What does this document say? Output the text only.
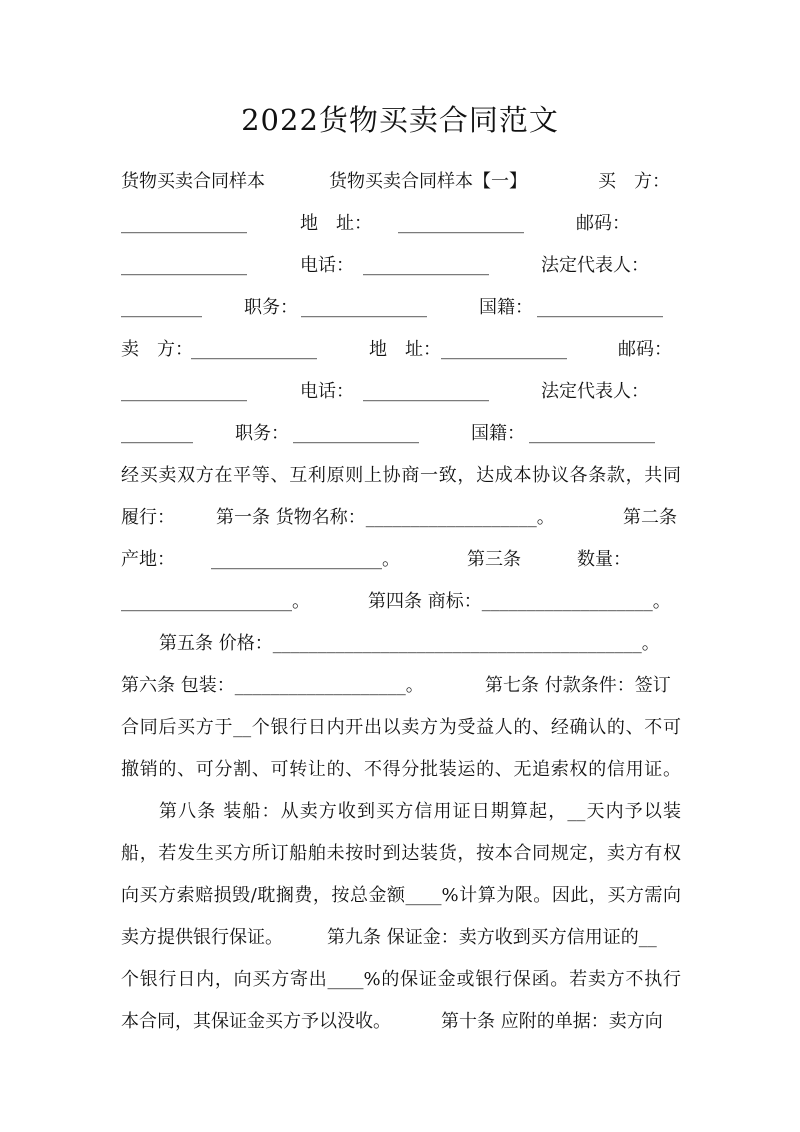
2022货物买卖合同范文
货物买卖合同样本	货物买卖合同样本【一】	买　方：
______________	地　址： ______________	邮码：
______________	电话： ______________	法定代表人：
_________ 职务： ______________	国籍： ______________
卖　方：
______________	地　址： ______________	邮码：
______________	电话： ______________	法定代表人：
________ 职务： ______________	国籍： ______________
经买卖双方在平等、互利原则上协商一致，达成本协议各条款，共同
履行： 第一条 货物名称：___________________。	第二条
产地： ___________________。	第三条	数量：
___________________。	第四条 商标：___________________。
第五条 价格：_________________________________________。
第六条 包装：___________________。	第七条 付款条件：签订
合同后买方于__个银行日内开出以卖方为受益人的、经确认的、不可
撤销的、可分割、可转让的、不得分批装运的、无追索权的信用证。
第八条 装船：从卖方收到买方信用证日期算起，__天内予以装
船，若发生买方所订船舶未按时到达装货，按本合同规定，卖方有权
向买方索赔损毁/耽搁费，按总金额____%计算为限。因此，买方需向
卖方提供银行保证。 第九条 保证金：卖方收到买方信用证的__
个银行日内，向买方寄出____%的保证金或银行保函。若卖方不执行
本合同，其保证金买方予以没收。	第十条 应附的单据：卖方向
